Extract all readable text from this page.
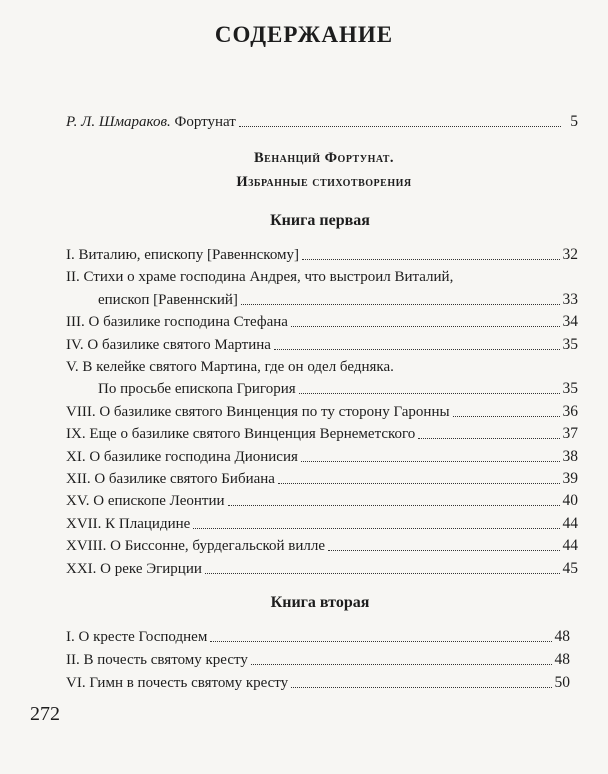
СОДЕРЖАНИЕ
Р. Л. Шмараков. Фортунат	5
Венанций Фортунат.
Избранные стихотворения
Книга первая
I. Виталию, епископу [Равеннскому]	32
II. Стихи о храме господина Андрея, что выстроил Виталий,
епископ [Равеннский]	33
III. О базилике господина Стефана	34
IV. О базилике святого Мартина	35
V. В келейке святого Мартина, где он одел бедняка.
По просьбе епископа Григория	35
VIII. О базилике святого Винценция по ту сторону Гаронны	36
IX. Еще о базилике святого Винценция Вернеметского	37
XI. О базилике господина Дионисия	38
XII. О базилике святого Бибиана	39
XV. О епископе Леонтии	40
XVII. К Плацидине	44
XVIII. О Биссонне, бурдегальской вилле	44
XXI. О реке Эгирции	45
Книга вторая
I. О кресте Господнем	48
II. В почесть святому кресту	48
VI. Гимн в почесть святому кресту	50
272
